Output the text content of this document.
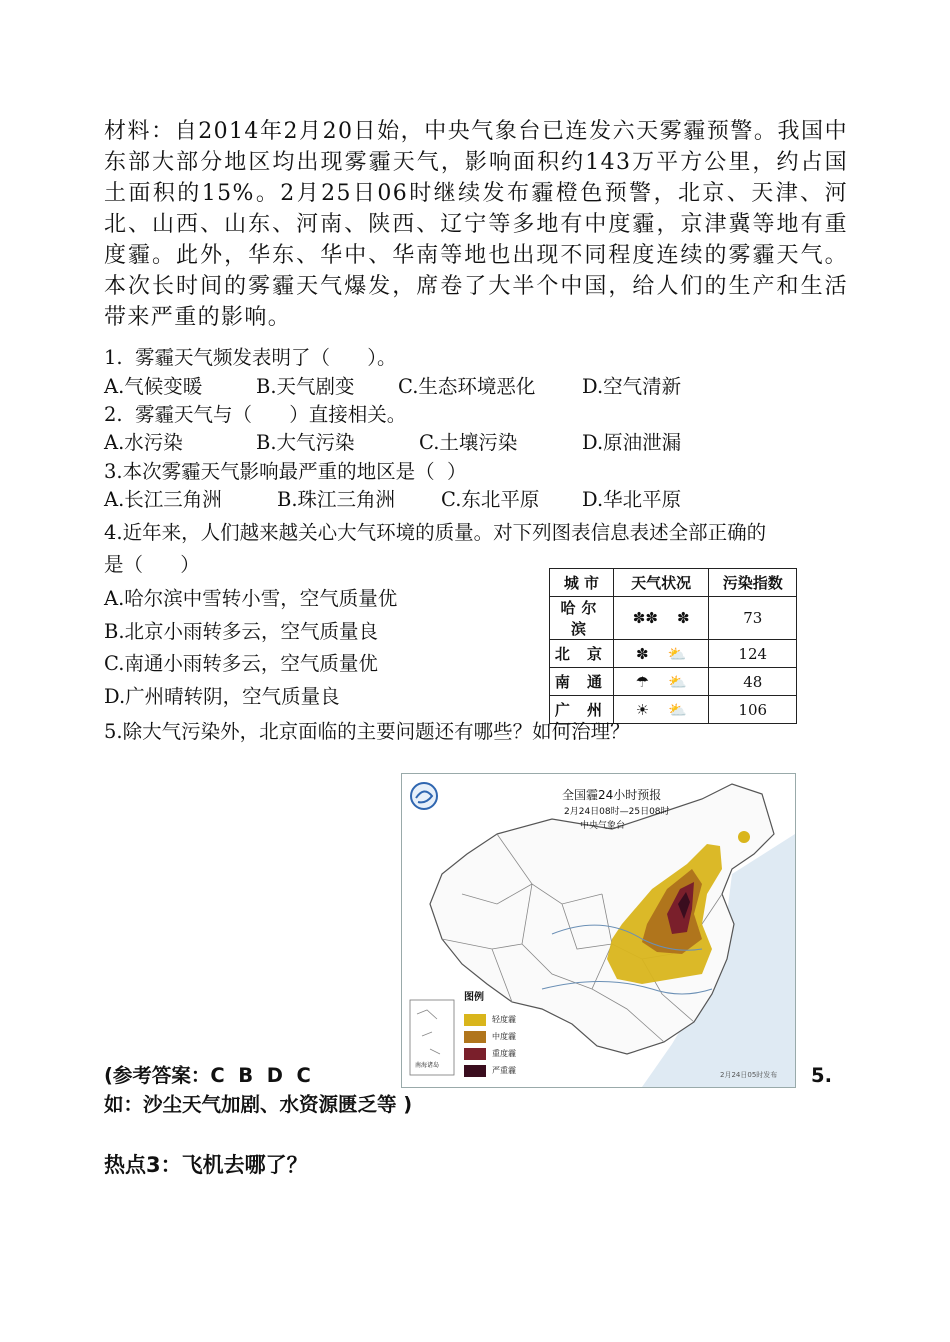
材料：自2014年2月20日始，中央气象台已连发六天雾霾预警。我国中东部大部分地区均出现雾霾天气，影响面积约143万平方公里，约占国土面积的15%。2月25日06时继续发布霾橙色预警，北京、天津、河北、山西、山东、河南、陕西、辽宁等多地有中度霾，京津冀等地有重度霾。此外，华东、华中、华南等地也出现不同程度连续的雾霾天气。本次长时间的雾霾天气爆发，席卷了大半个中国，给人们的生产和生活带来严重的影响。
1.  雾霾天气频发表明了（      ）。
A.气候变暖	B.天气剧变 C.生态环境恶化 D.空气清新
2.  雾霾天气与（      ）直接相关。
A.水污染	B.大气污染	C.土壤污染	D.原油泄漏
3.本次雾霾天气影响最严重的地区是（  ）
A.长江三角洲	B.珠江三角洲 C.东北平原 D.华北平原
4.近年来，人们越来越关心大气环境的质量。对下列图表信息表述全部正确的
是（      ）
A.哈尔滨中雪转小雪，空气质量优
B.北京小雨转多云，空气质量良
C.南通小雨转多云，空气质量优
D.广州晴转阴，空气质量良
城 市	天气状况	污染指数
哈尔滨	✽✽ ✽	73
北 京	✽ ⛅	124
南 通	☂ ⛅	48
广 州	☀ ⛅	106
5.除大气污染外，北京面临的主要问题还有哪些？如何治理？
全国霾24小时预报
2月24日08时—25日08时
中央气象台
图例
轻度霾
中度霾
重度霾
严重霾
南海诸岛
2月24日05时发布
(参考答案：C  B  D  C	5.
如：沙尘天气加剧、水资源匮乏等 )
热点3：飞机去哪了？
